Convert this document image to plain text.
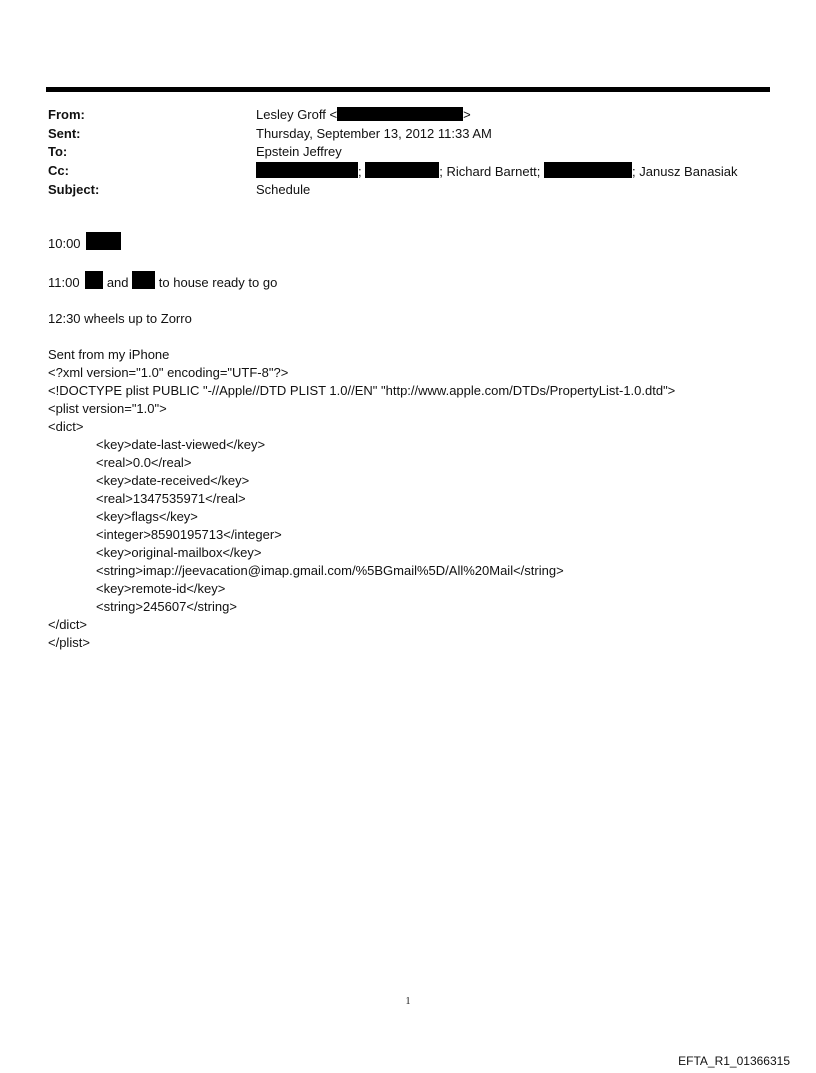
From:	Lesley Groff <	>
Sent:	Thursday, September 13, 2012 11:33 AM
To:	Epstein Jeffrey
Cc:	;	; Richard Barnett;	; Janusz Banasiak
Subject:	Schedule
10:00
11:00 and to house ready to go
12:30 wheels up to Zorro
Sent from my iPhone
<?xml version="1.0" encoding="UTF-8"?>
<!DOCTYPE plist PUBLIC "-//Apple//DTD PLIST 1.0//EN" "http://www.apple.com/DTDs/PropertyList-1.0.dtd">
<plist version="1.0">
<dict>
<key>date-last-viewed</key>
<real>0.0</real>
<key>date-received</key>
<real>1347535971</real>
<key>flags</key>
<integer>8590195713</integer>
<key>original-mailbox</key>
<string>imap://jeevacation@imap.gmail.com/%5BGmail%5D/All%20Mail</string>
<key>remote-id</key>
<string>245607</string>
</dict>
</plist>
1
EFTA_R1_01366315
